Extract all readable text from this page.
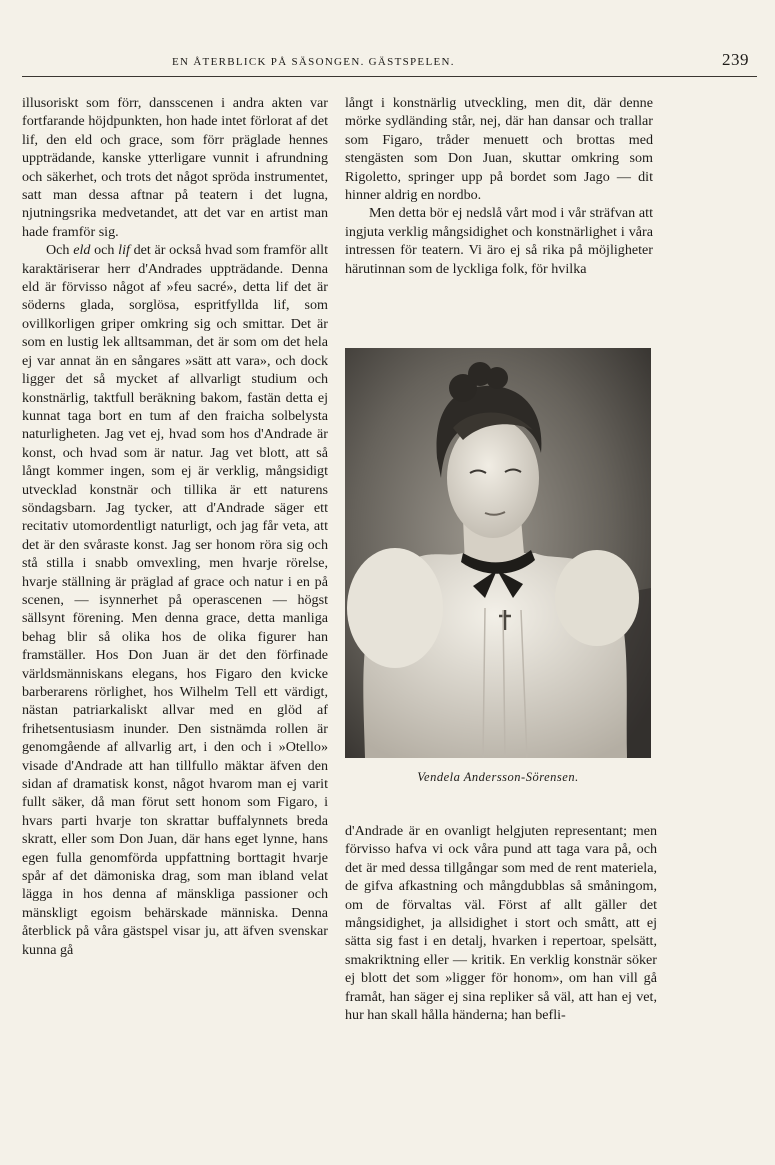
EN ÅTERBLICK PÅ SÄSONGEN. GÄSTSPELEN.	239

illusoriskt som förr, dansscenen i andra akten var fortfarande höjdpunkten, hon hade intet förlorat af det lif, den eld och grace, som förr präglade hennes uppträdande, kanske ytterligare vunnit i afrundning och säkerhet, och trots det något spröda instrumentet, satt man dessa aftnar på teatern i det lugna, njutningsrika medvetandet, att det var en artist man hade framför sig.

Och eld och lif det är också hvad som framför allt karaktäriserar herr d'Andrades uppträdande. Denna eld är förvisso något af »feu sacré», detta lif det är söderns glada, sorglösa, espritfyllda lif, som ovillkorligen griper omkring sig och smittar. Det är som en lustig lek alltsamman, det är som om det hela ej var annat än en sångares »sätt att vara», och dock ligger det så mycket af allvarligt studium och konstnärlig, taktfull beräkning bakom, fastän detta ej kunnat taga bort en tum af den fraicha solbelysta naturligheten. Jag vet ej, hvad som hos d'Andrade är konst, och hvad som är natur. Jag vet blott, att så långt kommer ingen, som ej är verklig, mångsidigt utvecklad konstnär och tillika är ett naturens söndagsbarn. Jag tycker, att d'Andrade säger ett recitativ utomordentligt naturligt, och jag får veta, att det är den svåraste konst. Jag ser honom röra sig och stå stilla i snabb omvexling, men hvarje rörelse, hvarje ställning är präglad af grace och natur i en på scenen, — isynnerhet på operascenen — högst sällsynt förening. Men denna grace, detta manliga behag blir så olika hos de olika figurer han framställer. Hos Don Juan är det den förfinade världsmänniskans elegans, hos Figaro den kvicke barberarens rörlighet, hos Wilhelm Tell ett värdigt, nästan patriarkaliskt allvar med en glöd af frihetsentusiasm inunder. Den sistnämda rollen är genomgående af allvarlig art, i den och i »Otello» visade d'Andrade att han tillfullo mäktar äfven den sidan af dramatisk konst, något hvarom man ej varit fullt säker, då man förut sett honom som Figaro, i hvars parti hvarje ton skrattar buffalynnets breda skratt, eller som Don Juan, där hans eget lynne, hans egen fulla genomförda uppfattning borttagit hvarje spår af det dämoniska drag, som man ibland velat lägga in hos denna af mänskliga passioner och mänskligt egoism behärskade människa. Denna återblick på våra gästspel visar ju, att äfven svenskar kunna gå

långt i konstnärlig utveckling, men dit, där denne mörke sydländing står, nej, där han dansar och trallar som Figaro, tråder menuett och brottas med stengästen som Don Juan, skuttar omkring som Rigoletto, springer upp på bordet som Jago — dit hinner aldrig en nordbo.

Men detta bör ej nedslå vårt mod i vår sträfvan att ingjuta verklig mångsidighet och konstnärlighet i våra intressen för teatern. Vi äro ej så rika på möjligheter härutinnan som de lyckliga folk, för hvilka

Vendela Andersson-Sörensen.

d'Andrade är en ovanligt helgjuten representant; men förvisso hafva vi ock våra pund att taga vara på, och det är med dessa tillgångar som med de rent materiela, de gifva afkastning och mångdubblas så småningom, om de förvaltas väl. Först af allt gäller det mångsidighet, ja allsidighet i stort och smått, att ej sätta sig fast i en detalj, hvarken i repertoar, spelsätt, smakriktning eller — kritik. En verklig konstnär söker ej blott det som »ligger för honom», om han vill gå framåt, han säger ej sina repliker så väl, att han ej vet, hur han skall hålla händerna; han befli-
